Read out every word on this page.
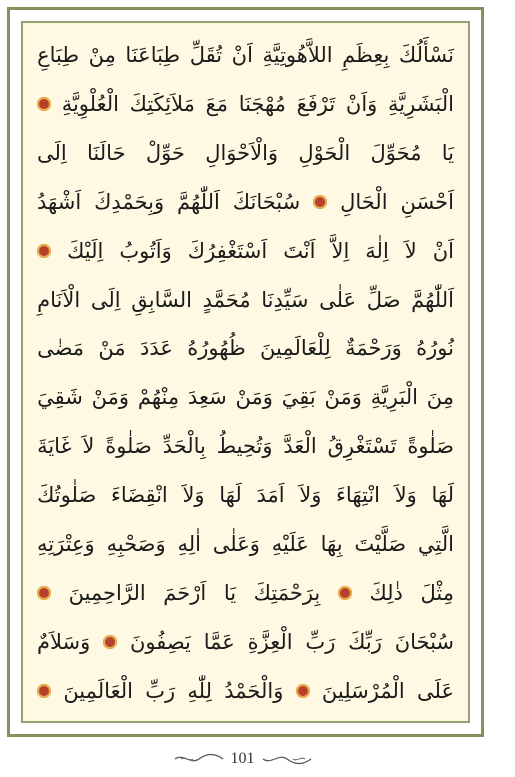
نَسْأَلُكَ
بِعِظَمِ
اللاَّهُوتِيَّةِ
اَنْ
تُقَلِّ
طِبَاعَنَا
مِنْ
طِبَاعِ
الْبَشَرِيَّةِ
وَاَنْ
تَرْفَعَ
مُهْجَنَا
مَعَ
مَلاَئِكَتِكَ
الْعُلْوِيَّةِ
يَا
مُحَوِّلَ
الْحَوْلِ
وَالْاَحْوَالِ
حَوِّلْ
حَالَنَا
اِلَى
اَحْسَنِ
الْحَالِ
سُبْحَانَكَ
اَللّٰهُمَّ
وَبِحَمْدِكَ
اَشْهَدُ
اَنْ
لاَ
اِلٰهَ
اِلاَّ
اَنْتَ
اَسْتَغْفِرُكَ
وَاَتُوبُ
اِلَيْكَ
اَللّٰهُمَّ
صَلِّ
عَلٰى
سَيِّدِنَا
مُحَمَّدٍ
السَّابِقِ
اِلَى
الْاَنَامِ
نُورُهُ
وَرَحْمَةٌ
لِلْعَالَمِينَ
ظُهُورُهُ
عَدَدَ
مَنْ
مَضٰى
مِنَ
الْبَرِيَّةِ
وَمَنْ
بَقِيَ
وَمَنْ
سَعِدَ
مِنْهُمْ
وَمَنْ
شَقِيَ
صَلٰوةً
تَسْتَغْرِقُ
الْعَدَّ
وَتُحِيطُ
بِالْحَدِّ
صَلٰوةً
لاَ
غَايَةَ
لَهَا
وَلاَ
انْتِهَاءَ
وَلاَ
اَمَدَ
لَهَا
وَلاَ
انْقِضَاءَ
صَلٰوتُكَ
الَّتِي
صَلَّيْتَ
بِهَا
عَلَيْهِ
وَعَلٰى
اٰلِهِ
وَصَحْبِهِ
وَعِتْرَتِهِ
مِثْلَ
ذٰلِكَ
بِرَحْمَتِكَ
يَا
اَرْحَمَ
الرَّاحِمِينَ
سُبْحَانَ
رَبِّكَ
رَبِّ
الْعِزَّةِ
عَمَّا
يَصِفُونَ
وَسَلاَمٌ
عَلَى
الْمُرْسَلِينَ
وَالْحَمْدُ
لِلّٰهِ
رَبِّ
الْعَالَمِينَ
101
